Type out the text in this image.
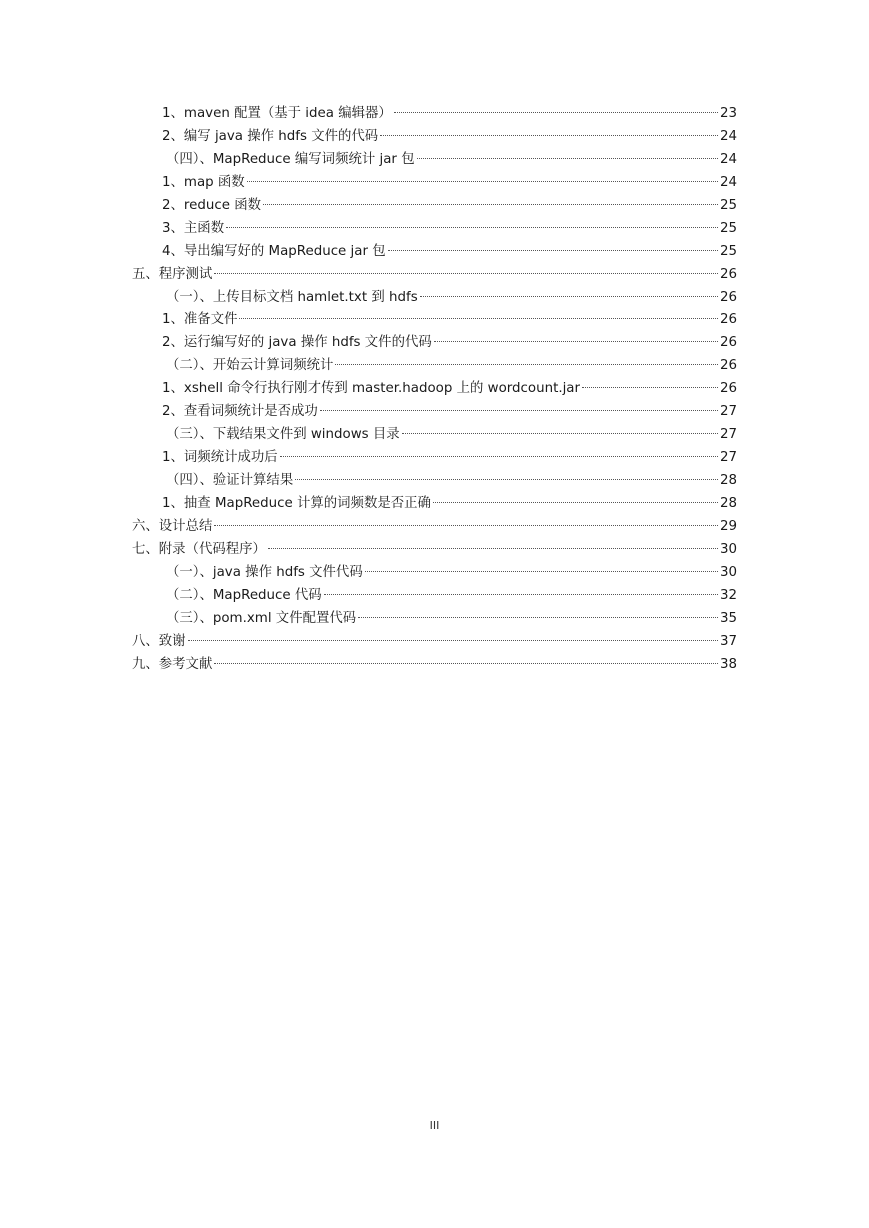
1、maven 配置（基于 idea 编辑器）	23
2、编写 java 操作 hdfs 文件的代码	24
（四）、MapReduce 编写词频统计 jar 包	24
1、map 函数	24
2、reduce 函数	25
3、主函数	25
4、导出编写好的 MapReduce jar 包	25
五、程序测试	26
（一）、上传目标文档 hamlet.txt 到 hdfs	26
1、准备文件	26
2、运行编写好的 java 操作 hdfs 文件的代码	26
（二）、开始云计算词频统计	26
1、xshell 命令行执行刚才传到 master.hadoop 上的 wordcount.jar	26
2、查看词频统计是否成功	27
（三）、下载结果文件到 windows 目录	27
1、词频统计成功后	27
（四）、验证计算结果	28
1、抽查 MapReduce 计算的词频数是否正确	28
六、设计总结	29
七、附录（代码程序）	30
（一）、java 操作 hdfs 文件代码	30
（二）、MapReduce 代码	32
（三）、pom.xml 文件配置代码	35
八、致谢	37
九、参考文献	38
III
